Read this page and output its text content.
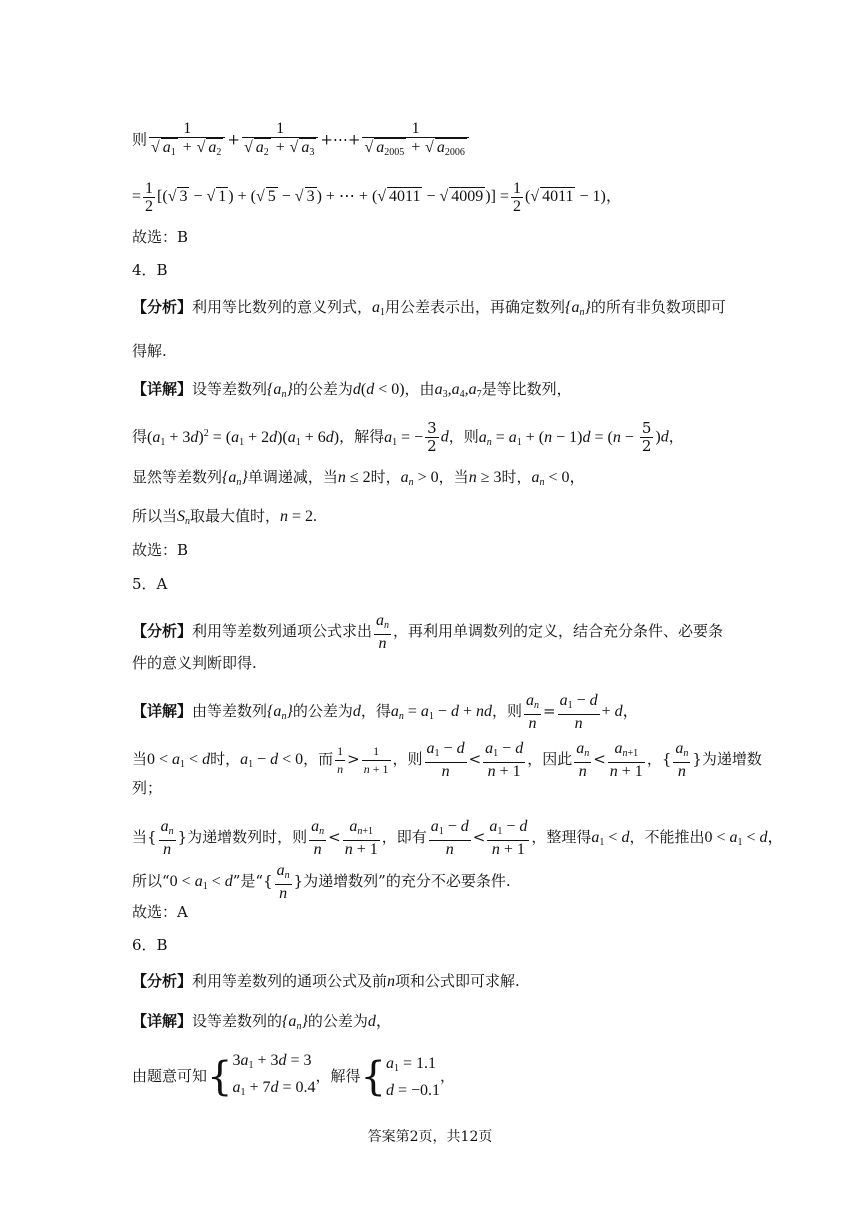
则 $\frac{1}{√ a_1 + √ a_2} + \frac{1}{√ a_2 + √ a_3}$ +⋯+ $\frac{1}{√ a_{2005} + √ a_{2006}}$
= $\frac{1}{2}$ [(√ 3 − √ 1 ) + (√ 5 − √ 3 ) + ⋯ + (√ 4011 − √ 4009 )] = $\frac{1}{2}$ (√ 4011 − 1)，
故选：B
4．B
【分析】利用等比数列的意义列式，$a_1$用公差表示出，再确定数列$\{a_n\}$的所有非负数项即可
得解.
【详解】设等差数列$\{a_n\}$的公差为d(d < 0)，由$a_3,a_4,a_7$是等比数列，
得$(a_1 + 3d)^2 = (a_1 + 2d)(a_1 + 6d)$，解得$a_1$ = − $\frac{3}{2}$ d，则$a_n = a_1 + (n - 1)d = (n - \frac{5}{2} )d$，
显然等差数列$\{a_n\}$单调递减，当n ≤ 2时，$a_n > 0$，当n ≥ 3时，$a_n < 0$，
所以当$S_n$取最大值时，n = 2.
故选：B
5．A
【分析】利用等差数列通项公式求出 $\frac{a_n}{n}$ ，再利用单调数列的定义，结合充分条件、必要条
件的意义判断即得.
【详解】由等差数列$\{a_n\}$的公差为d，得$a_n = a_1 - d$ + nd，则 $\frac{a_n}{n} = \frac{a_1 - d}{n} + d$，
当$0 < a_1 < d$时，$a_1 - d < 0$，而 $\frac{1}{n} > \frac{1}{n + 1}$ ，则 $\frac{a_1 - d}{n} < \frac{a_1 - d}{n + 1}$ ，因此 $\frac{a_n}{n} < \frac{a_{n+1}}{n + 1}$ ，{ $\frac{a_n}{n}$ }为递增数
列；
当{ $\frac{a_n}{n}$ }为递增数列时，则 $\frac{a_n}{n} < \frac{a_{n+1}}{n + 1}$ ，即有 $\frac{a_1 - d}{n} < \frac{a_1 - d}{n + 1}$ ，整理得$a_1 < d$，不能推出$0 < a_1 < d$，
所以“$0 < a_1 < d$”是“{ $\frac{a_n}{n}$ }为递增数列”的充分不必要条件.
故选：A
6．B
【分析】利用等差数列的通项公式及前n项和公式即可求解.
【详解】设等差数列的$\{a_n\}$的公差为d，
由题意可知{ $3a_1 + 3d = 3$
$a_1 + 7d = 0.4$
，解得{ $a_1 = 1.1$
d = −0.1
，
答案第2页，共12页
